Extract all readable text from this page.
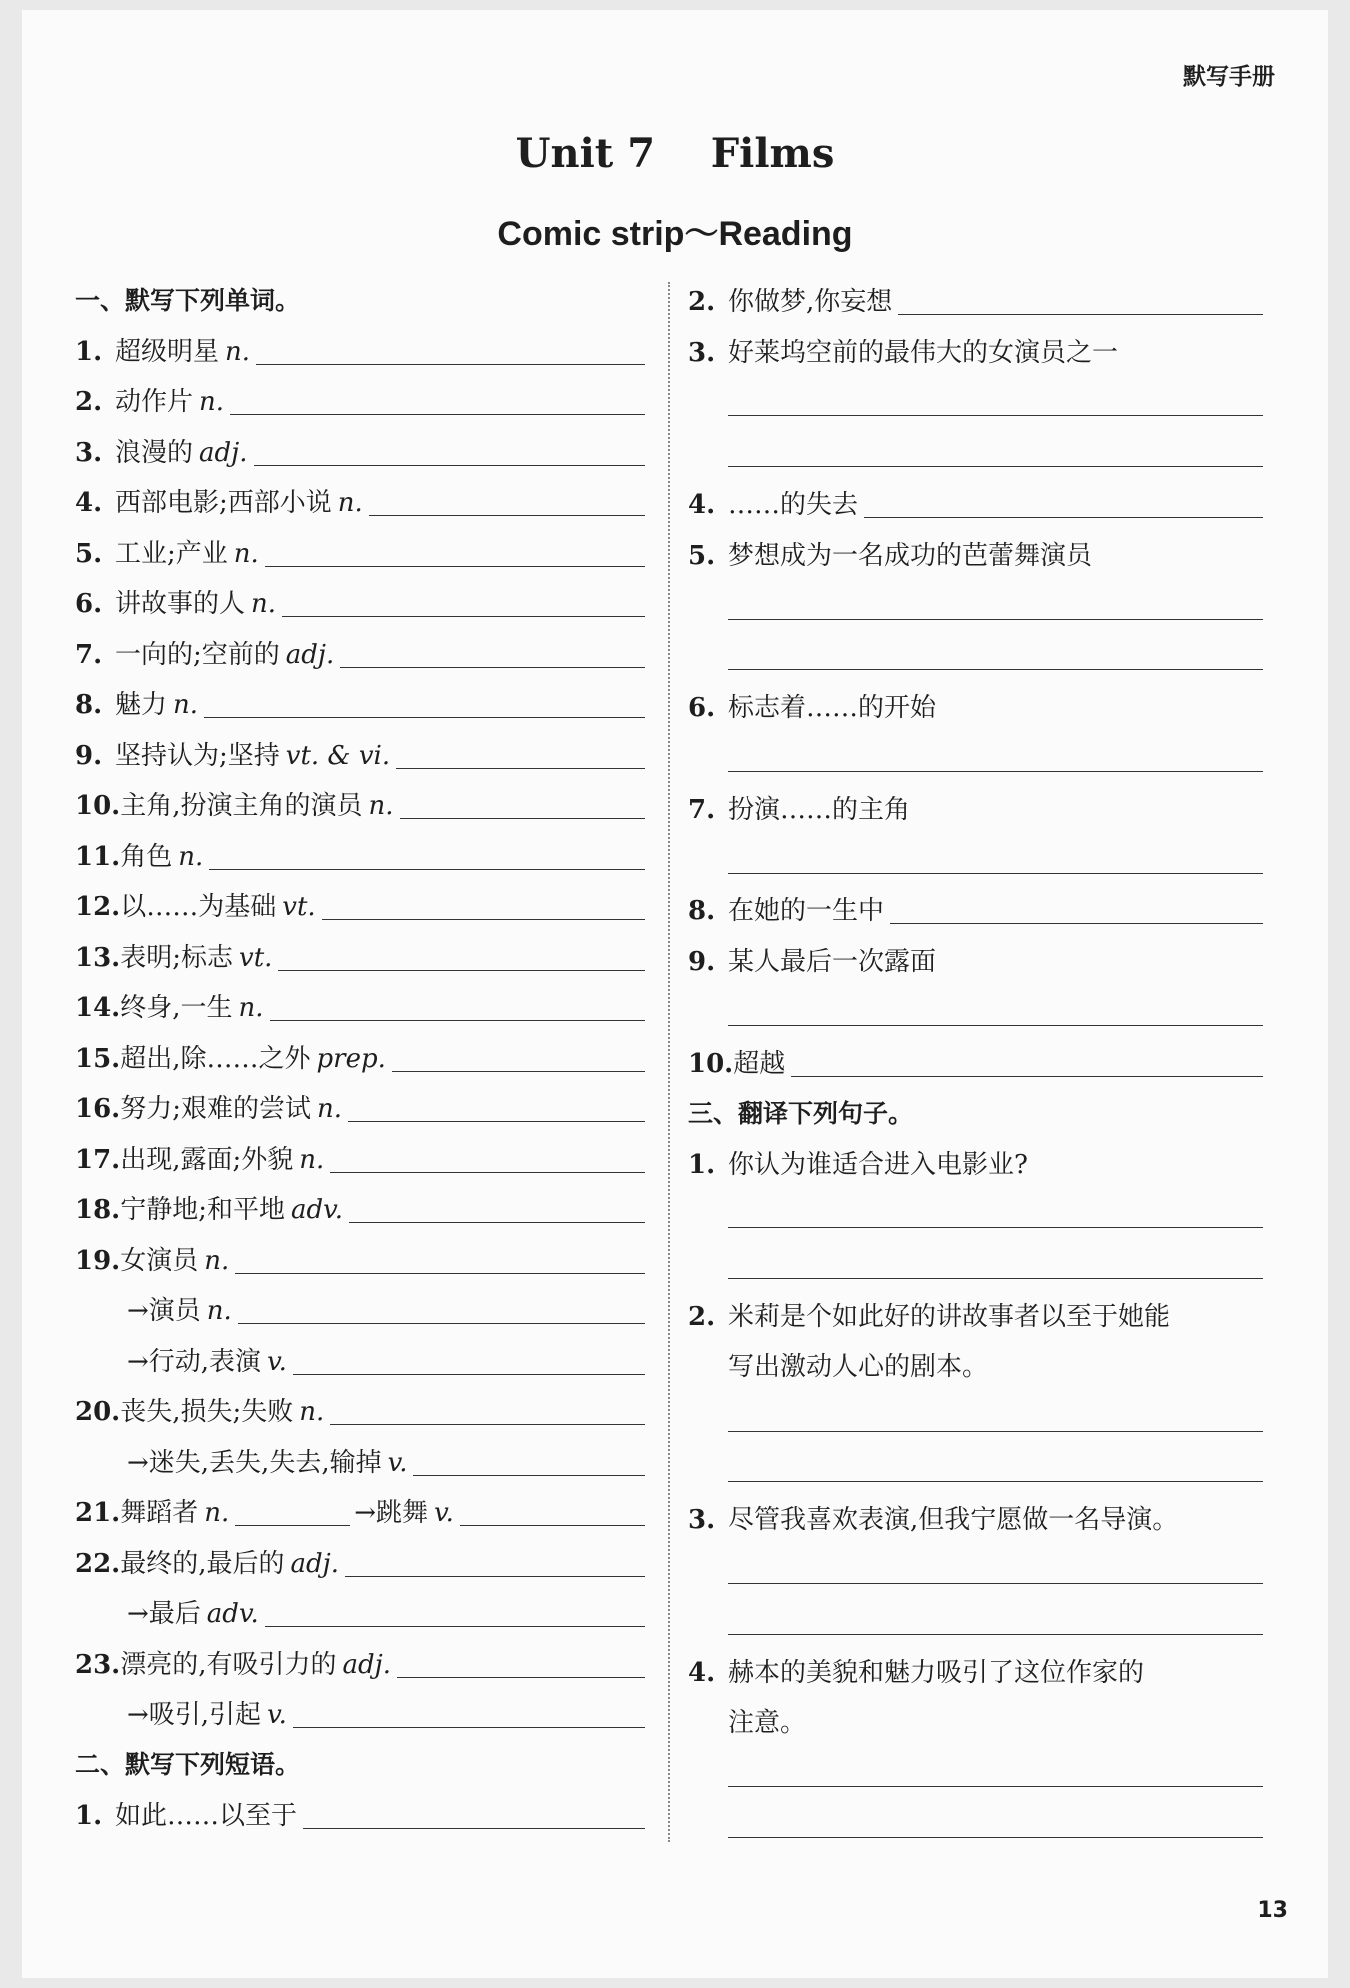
默写手册
Unit 7    Films
Comic strip～Reading
一、默写下列单词。
1. 超级明星 n.
2. 动作片 n.
3. 浪漫的 adj.
4. 西部电影;西部小说 n.
5. 工业;产业 n.
6. 讲故事的人 n.
7. 一向的;空前的 adj.
8. 魅力 n.
9. 坚持认为;坚持 vt. & vi.
10. 主角,扮演主角的演员 n.
11. 角色 n.
12. 以……为基础 vt.
13. 表明;标志 vt.
14. 终身,一生 n.
15. 超出,除……之外 prep.
16. 努力;艰难的尝试 n.
17. 出现,露面;外貌 n.
18. 宁静地;和平地 adv.
19. 女演员 n.
→演员 n.
→行动,表演 v.
20. 丧失,损失;失败 n.
→迷失,丢失,失去,输掉 v.
21. 舞蹈者 n.	→跳舞 v.
22. 最终的,最后的 adj.
→最后 adv.
23. 漂亮的,有吸引力的 adj.
→吸引,引起 v.
二、默写下列短语。
1. 如此……以至于
2. 你做梦,你妄想
3. 好莱坞空前的最伟大的女演员之一
4. ……的失去
5. 梦想成为一名成功的芭蕾舞演员
6. 标志着……的开始
7. 扮演……的主角
8. 在她的一生中
9. 某人最后一次露面
10. 超越
三、翻译下列句子。
1. 你认为谁适合进入电影业?
2. 米莉是个如此好的讲故事者以至于她能
写出激动人心的剧本。
3. 尽管我喜欢表演,但我宁愿做一名导演。
4. 赫本的美貌和魅力吸引了这位作家的
注意。
13
